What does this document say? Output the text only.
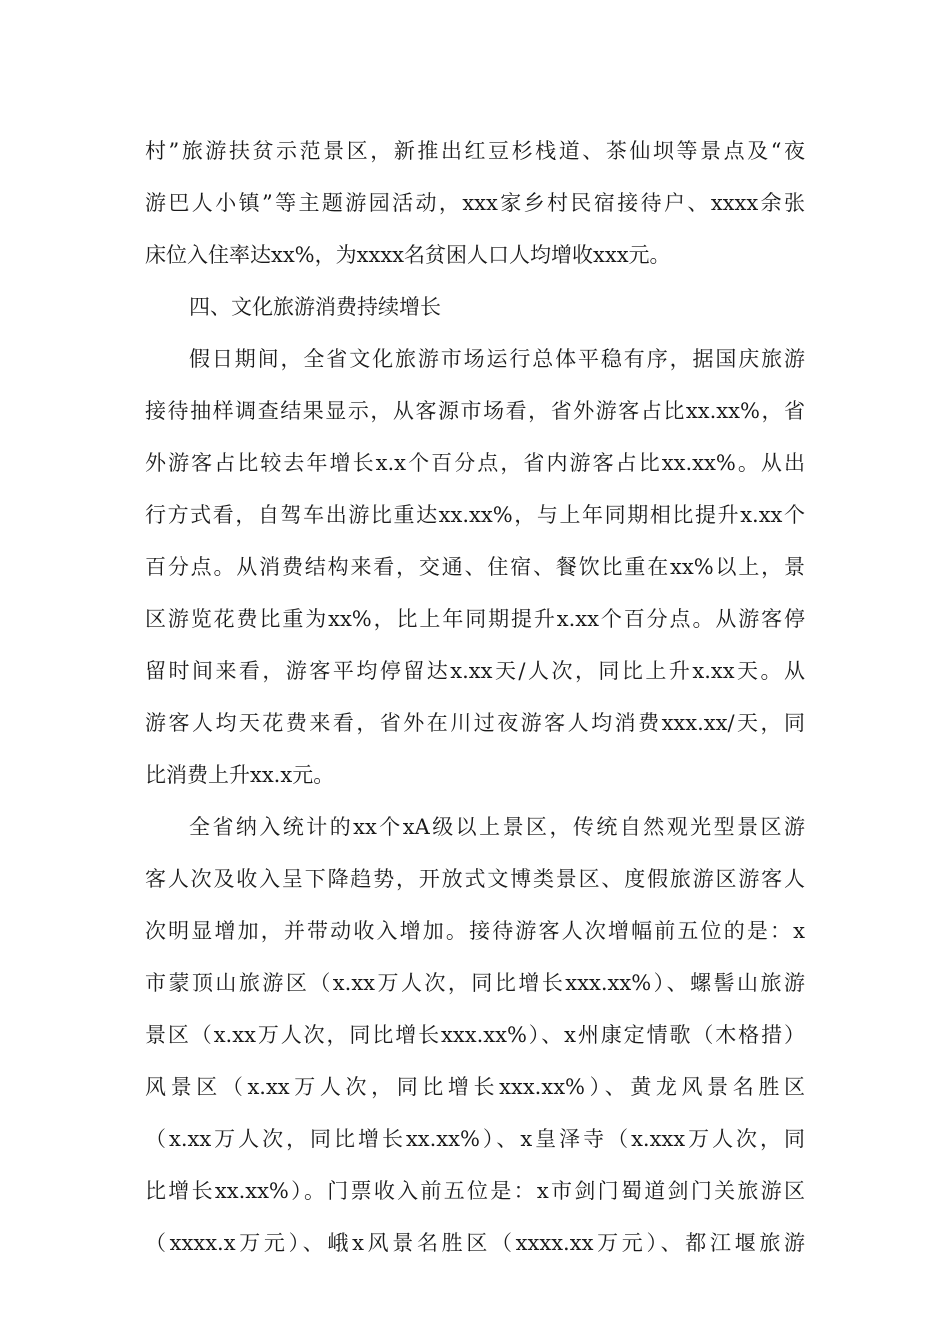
村”旅游扶贫示范景区，新推出红豆杉栈道、茶仙坝等景点及“夜
游巴人小镇”等主题游园活动，xxx家乡村民宿接待户、xxxx余张
床位入住率达xx%，为xxxx名贫困人口人均增收xxx元。
四、文化旅游消费持续增长
假日期间，全省文化旅游市场运行总体平稳有序，据国庆旅游
接待抽样调查结果显示，从客源市场看，省外游客占比xx.xx%，省
外游客占比较去年增长x.x个百分点，省内游客占比xx.xx%。从出
行方式看，自驾车出游比重达xx.xx%，与上年同期相比提升x.xx个
百分点。从消费结构来看，交通、住宿、餐饮比重在xx%以上，景
区游览花费比重为xx%，比上年同期提升x.xx个百分点。从游客停
留时间来看，游客平均停留达x.xx天/人次，同比上升x.xx天。从
游客人均天花费来看，省外在川过夜游客人均消费xxx.xx/天，同
比消费上升xx.x元。
全省纳入统计的xx个xA级以上景区，传统自然观光型景区游
客人次及收入呈下降趋势，开放式文博类景区、度假旅游区游客人
次明显增加，并带动收入增加。接待游客人次增幅前五位的是：x
市蒙顶山旅游区（x.xx万人次，同比增长xxx.xx%）、螺髻山旅游
景区（x.xx万人次，同比增长xxx.xx%）、x州康定情歌（木格措）
风景区（x.xx万人次，同比增长xxx.xx%）、黄龙风景名胜区
（x.xx万人次，同比增长xx.xx%）、x皇泽寺（x.xxx万人次，同
比增长xx.xx%）。门票收入前五位是：x市剑门蜀道剑门关旅游区
（xxxx.x万元）、峨x风景名胜区（xxxx.xx万元）、都江堰旅游
